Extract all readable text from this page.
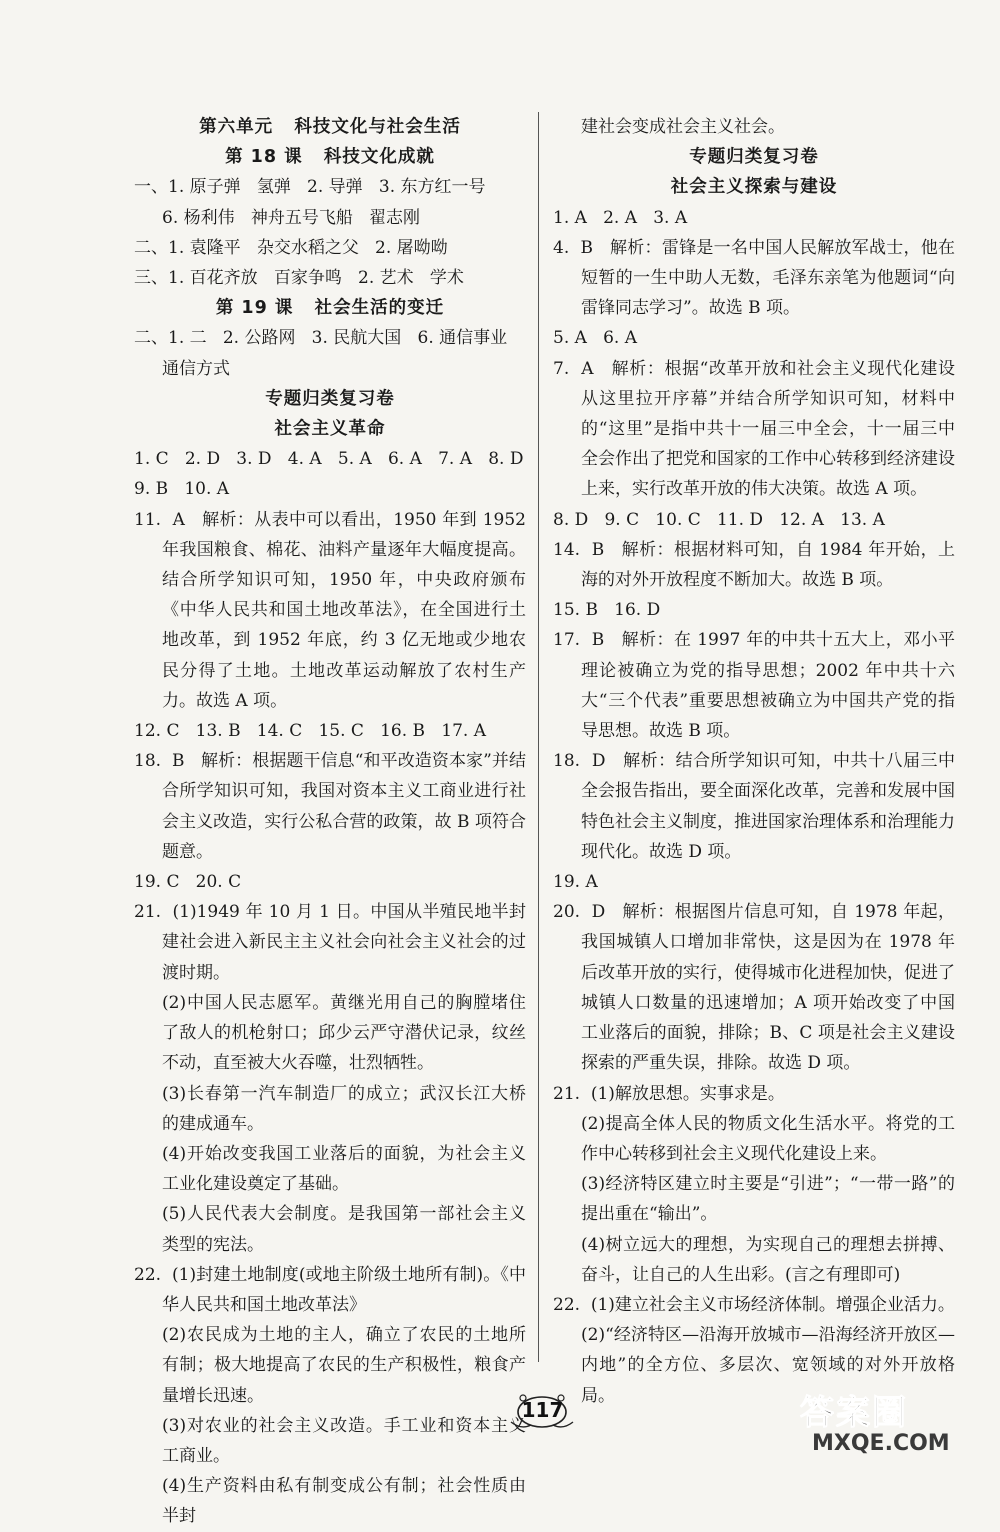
第六单元   科技文化与社会生活
第 18 课   科技文化成就

一、1. 原子弹   氢弹   2. 导弹   3. 东方红一号

6. 杨利伟   神舟五号飞船   翟志刚

二、1. 袁隆平   杂交水稻之父   2. 屠呦呦

三、1. 百花齐放   百家争鸣   2. 艺术   学术

第 19 课   社会生活的变迁

二、1. 二   2. 公路网   3. 民航大国   6. 通信事业

通信方式

专题归类复习卷
社会主义革命

1. C   2. D   3. D   4. A   5. A   6. A   7. A   8. D

9. B   10. A

11.  A   解析：从表中可以看出，1950 年到 1952 年我国粮食、棉花、油料产量逐年大幅度提高。结合所学知识可知，1950 年，中央政府颁布《中华人民共和国土地改革法》，在全国进行土地改革，到 1952 年底，约 3 亿无地或少地农民分得了土地。土地改革运动解放了农村生产力。故选 A 项。

12. C   13. B   14. C   15. C   16. B   17. A

18.  B   解析：根据题干信息“和平改造资本家”并结合所学知识可知，我国对资本主义工商业进行社会主义改造，实行公私合营的政策，故 B 项符合题意。

19. C   20. C

21.  (1)1949 年 10 月 1 日。中国从半殖民地半封建社会进入新民主主义社会向社会主义社会的过渡时期。

(2)中国人民志愿军。黄继光用自己的胸膛堵住了敌人的机枪射口；邱少云严守潜伏记录，纹丝不动，直至被大火吞噬，壮烈牺牲。

(3)长春第一汽车制造厂的成立；武汉长江大桥的建成通车。

(4)开始改变我国工业落后的面貌，为社会主义工业化建设奠定了基础。

(5)人民代表大会制度。是我国第一部社会主义类型的宪法。

22.  (1)封建土地制度(或地主阶级土地所有制)。《中华人民共和国土地改革法》

(2)农民成为土地的主人，确立了农民的土地所有制；极大地提高了农民的生产积极性，粮食产量增长迅速。

(3)对农业的社会主义改造。手工业和资本主义工商业。

(4)生产资料由私有制变成公有制；社会性质由半封

建社会变成社会主义社会。

专题归类复习卷
社会主义探索与建设

1. A   2. A   3. A

4.  B   解析：雷锋是一名中国人民解放军战士，他在短暂的一生中助人无数，毛泽东亲笔为他题词“向雷锋同志学习”。故选 B 项。

5. A   6. A

7.  A   解析：根据“改革开放和社会主义现代化建设从这里拉开序幕”并结合所学知识可知，材料中的“这里”是指中共十一届三中全会，十一届三中全会作出了把党和国家的工作中心转移到经济建设上来，实行改革开放的伟大决策。故选 A 项。

8. D   9. C   10. C   11. D   12. A   13. A

14.  B   解析：根据材料可知，自 1984 年开始，上海的对外开放程度不断加大。故选 B 项。

15. B   16. D

17.  B   解析：在 1997 年的中共十五大上，邓小平理论被确立为党的指导思想；2002 年中共十六大“三个代表”重要思想被确立为中国共产党的指导思想。故选 B 项。

18.  D   解析：结合所学知识可知，中共十八届三中全会报告指出，要全面深化改革，完善和发展中国特色社会主义制度，推进国家治理体系和治理能力现代化。故选 D 项。

19. A

20.  D   解析：根据图片信息可知，自 1978 年起，我国城镇人口增加非常快，这是因为在 1978 年后改革开放的实行，使得城市化进程加快，促进了城镇人口数量的迅速增加；A 项开始改变了中国工业落后的面貌，排除；B、C 项是社会主义建设探索的严重失误，排除。故选 D 项。

21.  (1)解放思想。实事求是。

(2)提高全体人民的物质文化生活水平。将党的工作中心转移到社会主义现代化建设上来。

(3)经济特区建立时主要是“引进”；“一带一路”的提出重在“输出”。

(4)树立远大的理想，为实现自己的理想去拼搏、奋斗，让自己的人生出彩。(言之有理即可)

22.  (1)建立社会主义市场经济体制。增强企业活力。

(2)“经济特区—沿海开放城市—沿海经济开放区—内地”的全方位、多层次、宽领域的对外开放格局。

117	答案圈
MXQE.COM
